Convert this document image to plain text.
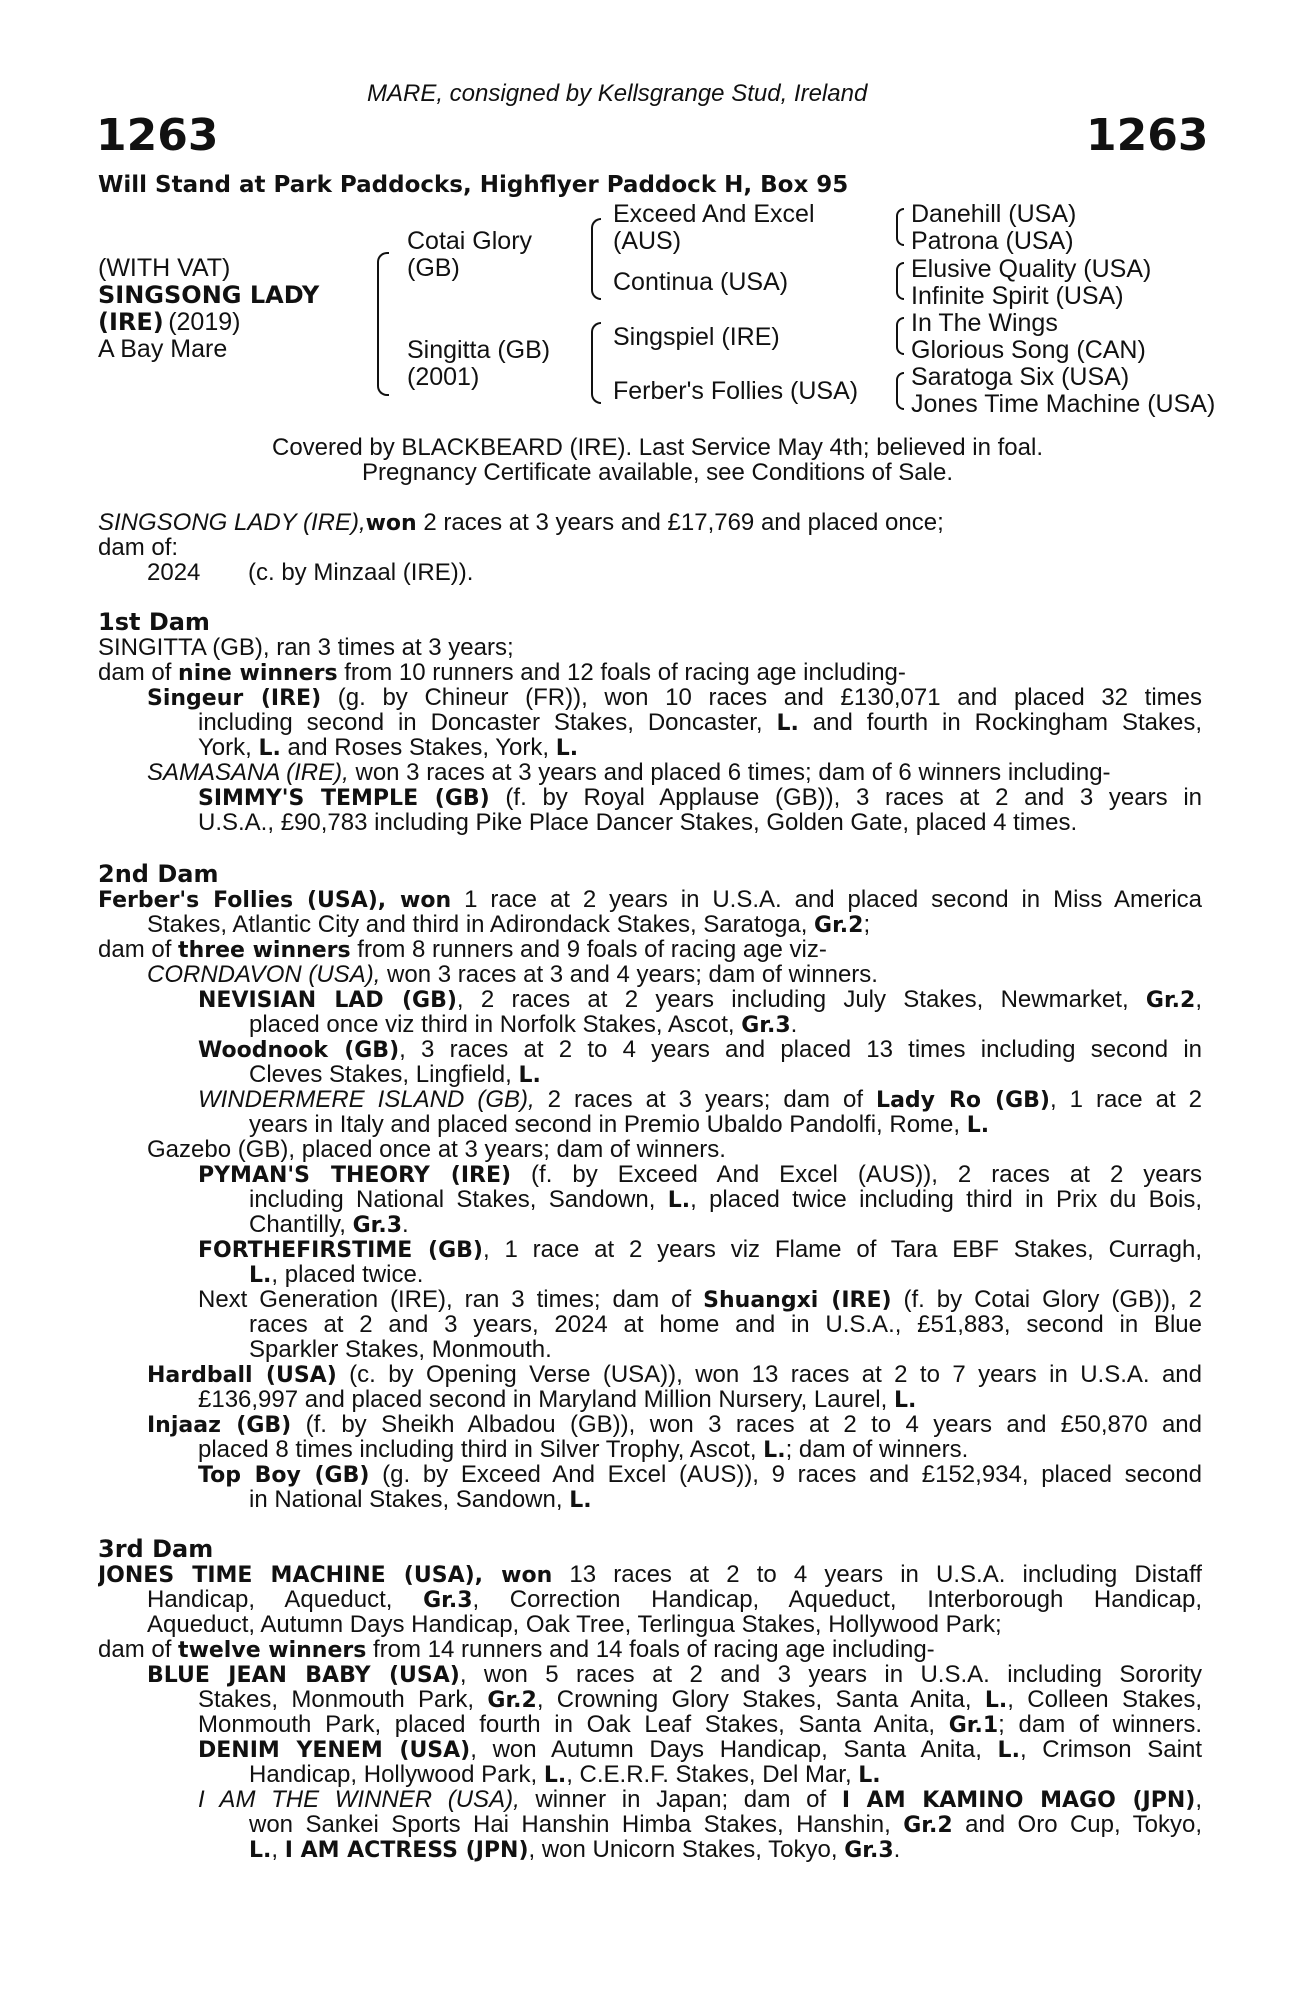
MARE, consigned by Kellsgrange Stud, Ireland
1263	1263
Will Stand at Park Paddocks, Highflyer Paddock H, Box 95
(WITH VAT)
SINGSONG LADY
(IRE) (2019)
A Bay Mare
Cotai Glory
(GB)
Singitta (GB)
(2001)
Exceed And Excel
(AUS)
Continua (USA)
Singspiel (IRE)
Ferber's Follies (USA)
Danehill (USA)
Patrona (USA)
Elusive Quality (USA)
Infinite Spirit (USA)
In The Wings
Glorious Song (CAN)
Saratoga Six (USA)
Jones Time Machine (USA)
Covered by BLACKBEARD (IRE). Last Service May 4th; believed in foal.
Pregnancy Certificate available, see Conditions of Sale.
SINGSONG LADY (IRE),won 2 races at 3 years and £17,769 and placed once;
dam of:
2024 (c. by Minzaal (IRE)).
1st Dam
SINGITTA (GB), ran 3 times at 3 years;
dam of nine winners from 10 runners and 12 foals of racing age including-
Singeur (IRE) (g. by Chineur (FR)), won 10 races and £130,071 and placed 32 times
including second in Doncaster Stakes, Doncaster, L. and fourth in Rockingham Stakes,
York, L. and Roses Stakes, York, L.
SAMASANA (IRE), won 3 races at 3 years and placed 6 times; dam of 6 winners including-
SIMMY'S TEMPLE (GB) (f. by Royal Applause (GB)), 3 races at 2 and 3 years in
U.S.A., £90,783 including Pike Place Dancer Stakes, Golden Gate, placed 4 times.
2nd Dam
Ferber's Follies (USA), won 1 race at 2 years in U.S.A. and placed second in Miss America
Stakes, Atlantic City and third in Adirondack Stakes, Saratoga, Gr.2;
dam of three winners from 8 runners and 9 foals of racing age viz-
CORNDAVON (USA), won 3 races at 3 and 4 years; dam of winners.
NEVISIAN LAD (GB), 2 races at 2 years including July Stakes, Newmarket, Gr.2,
placed once viz third in Norfolk Stakes, Ascot, Gr.3.
Woodnook (GB), 3 races at 2 to 4 years and placed 13 times including second in
Cleves Stakes, Lingfield, L.
WINDERMERE ISLAND (GB), 2 races at 3 years; dam of Lady Ro (GB), 1 race at 2
years in Italy and placed second in Premio Ubaldo Pandolfi, Rome, L.
Gazebo (GB), placed once at 3 years; dam of winners.
PYMAN'S THEORY (IRE) (f. by Exceed And Excel (AUS)), 2 races at 2 years
including National Stakes, Sandown, L., placed twice including third in Prix du Bois,
Chantilly, Gr.3.
FORTHEFIRSTIME (GB), 1 race at 2 years viz Flame of Tara EBF Stakes, Curragh,
L., placed twice.
Next Generation (IRE), ran 3 times; dam of Shuangxi (IRE) (f. by Cotai Glory (GB)), 2
races at 2 and 3 years, 2024 at home and in U.S.A., £51,883, second in Blue
Sparkler Stakes, Monmouth.
Hardball (USA) (c. by Opening Verse (USA)), won 13 races at 2 to 7 years in U.S.A. and
£136,997 and placed second in Maryland Million Nursery, Laurel, L.
Injaaz (GB) (f. by Sheikh Albadou (GB)), won 3 races at 2 to 4 years and £50,870 and
placed 8 times including third in Silver Trophy, Ascot, L.; dam of winners.
Top Boy (GB) (g. by Exceed And Excel (AUS)), 9 races and £152,934, placed second
in National Stakes, Sandown, L.
3rd Dam
JONES TIME MACHINE (USA), won 13 races at 2 to 4 years in U.S.A. including Distaff
Handicap, Aqueduct, Gr.3, Correction Handicap, Aqueduct, Interborough Handicap,
Aqueduct, Autumn Days Handicap, Oak Tree, Terlingua Stakes, Hollywood Park;
dam of twelve winners from 14 runners and 14 foals of racing age including-
BLUE JEAN BABY (USA), won 5 races at 2 and 3 years in U.S.A. including Sorority
Stakes, Monmouth Park, Gr.2, Crowning Glory Stakes, Santa Anita, L., Colleen Stakes,
Monmouth Park, placed fourth in Oak Leaf Stakes, Santa Anita, Gr.1; dam of winners.
DENIM YENEM (USA), won Autumn Days Handicap, Santa Anita, L., Crimson Saint
Handicap, Hollywood Park, L., C.E.R.F. Stakes, Del Mar, L.
I AM THE WINNER (USA), winner in Japan; dam of I AM KAMINO MAGO (JPN),
won Sankei Sports Hai Hanshin Himba Stakes, Hanshin, Gr.2 and Oro Cup, Tokyo,
L., I AM ACTRESS (JPN), won Unicorn Stakes, Tokyo, Gr.3.
